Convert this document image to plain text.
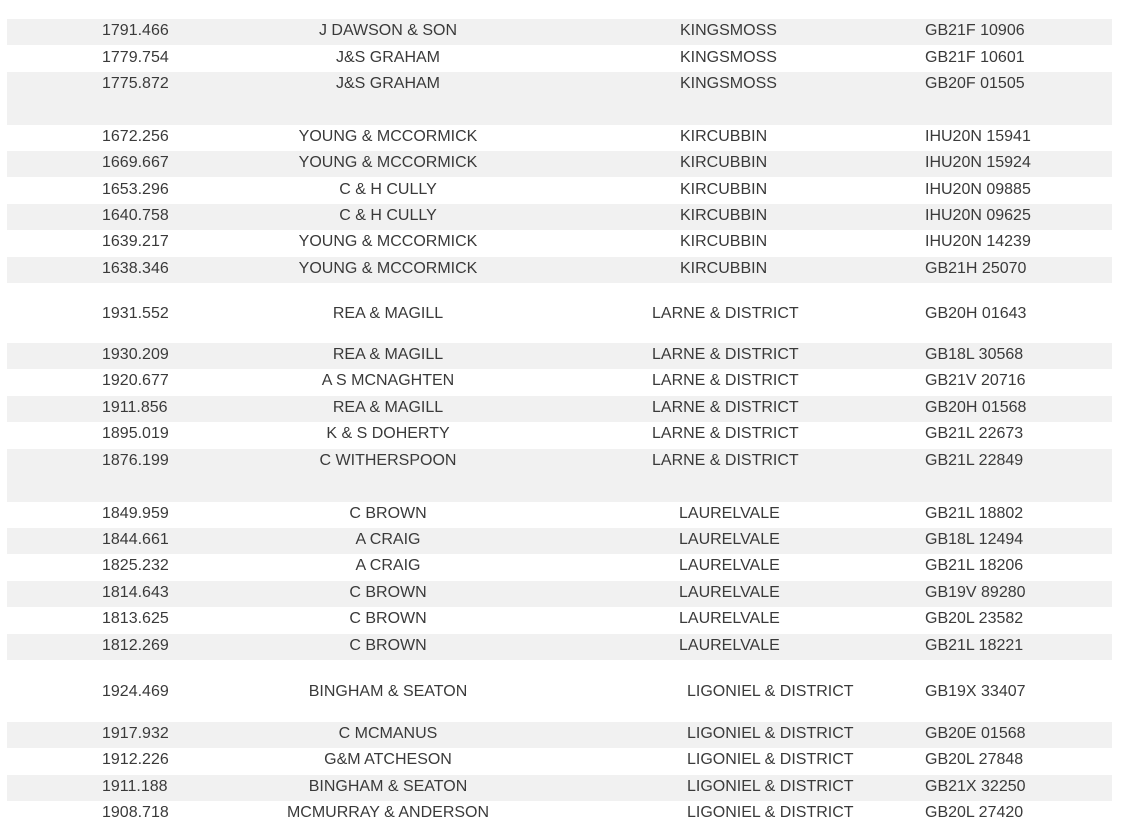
1791.466	J DAWSON & SON	KINGSMOSS	GB21F 10906
1779.754	J&S GRAHAM	KINGSMOSS	GB21F 10601
1775.872	J&S GRAHAM	KINGSMOSS	GB20F 01505
1672.256	YOUNG & MCCORMICK	KIRCUBBIN	IHU20N 15941
1669.667	YOUNG & MCCORMICK	KIRCUBBIN	IHU20N 15924
1653.296	C & H CULLY	KIRCUBBIN	IHU20N 09885
1640.758	C & H CULLY	KIRCUBBIN	IHU20N 09625
1639.217	YOUNG & MCCORMICK	KIRCUBBIN	IHU20N 14239
1638.346	YOUNG & MCCORMICK	KIRCUBBIN	GB21H 25070
1931.552	REA & MAGILL	LARNE & DISTRICT	GB20H 01643
1930.209	REA & MAGILL	LARNE & DISTRICT	GB18L 30568
1920.677	A S MCNAGHTEN	LARNE & DISTRICT	GB21V 20716
1911.856	REA & MAGILL	LARNE & DISTRICT	GB20H 01568
1895.019	K & S DOHERTY	LARNE & DISTRICT	GB21L 22673
1876.199	C WITHERSPOON	LARNE & DISTRICT	GB21L 22849
1849.959	C BROWN	LAURELVALE	GB21L 18802
1844.661	A CRAIG	LAURELVALE	GB18L 12494
1825.232	A CRAIG	LAURELVALE	GB21L 18206
1814.643	C BROWN	LAURELVALE	GB19V 89280
1813.625	C BROWN	LAURELVALE	GB20L 23582
1812.269	C BROWN	LAURELVALE	GB21L 18221
1924.469	BINGHAM & SEATON	LIGONIEL & DISTRICT	GB19X 33407
1917.932	C MCMANUS	LIGONIEL & DISTRICT	GB20E 01568
1912.226	G&M ATCHESON	LIGONIEL & DISTRICT	GB20L 27848
1911.188	BINGHAM & SEATON	LIGONIEL & DISTRICT	GB21X 32250
1908.718	MCMURRAY & ANDERSON	LIGONIEL & DISTRICT	GB20L 27420
